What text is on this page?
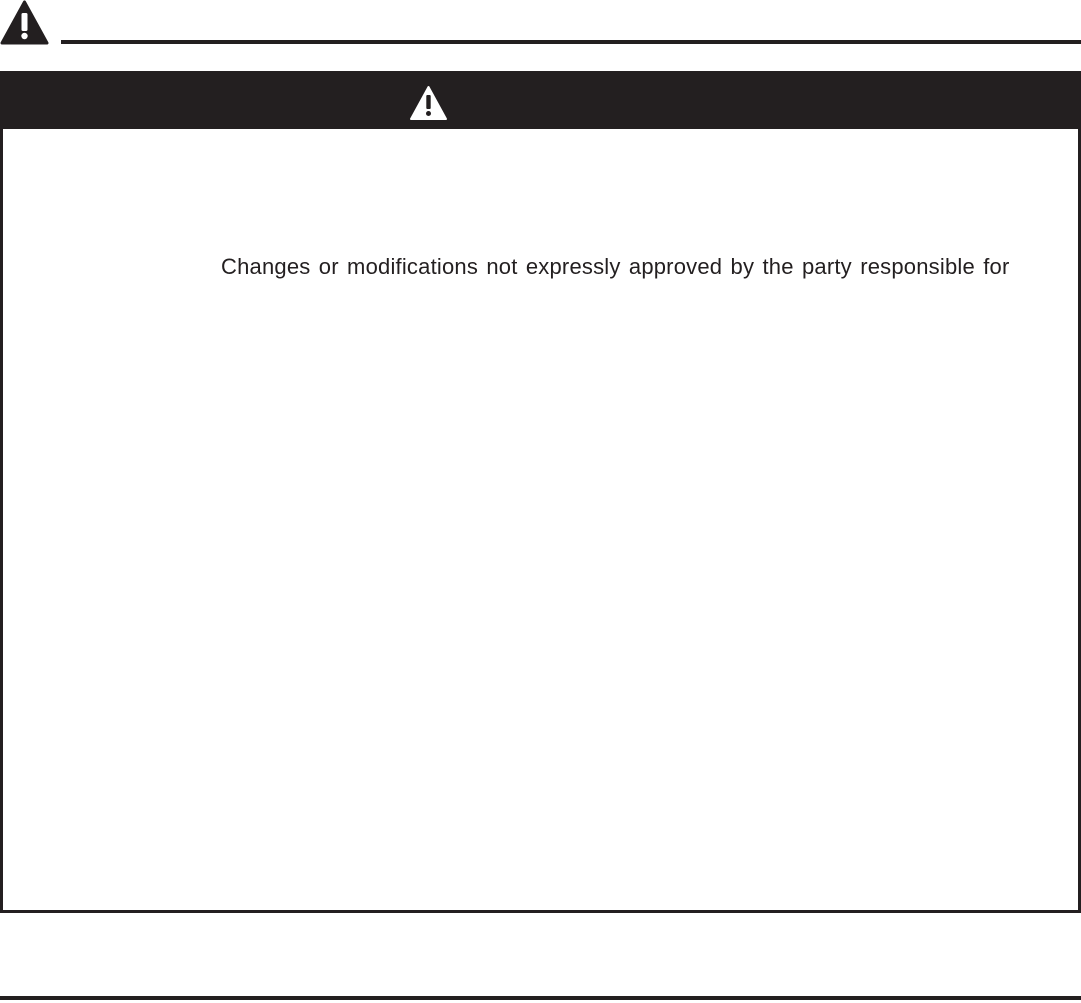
Changes or modifications not expressly approved by the party responsible for
